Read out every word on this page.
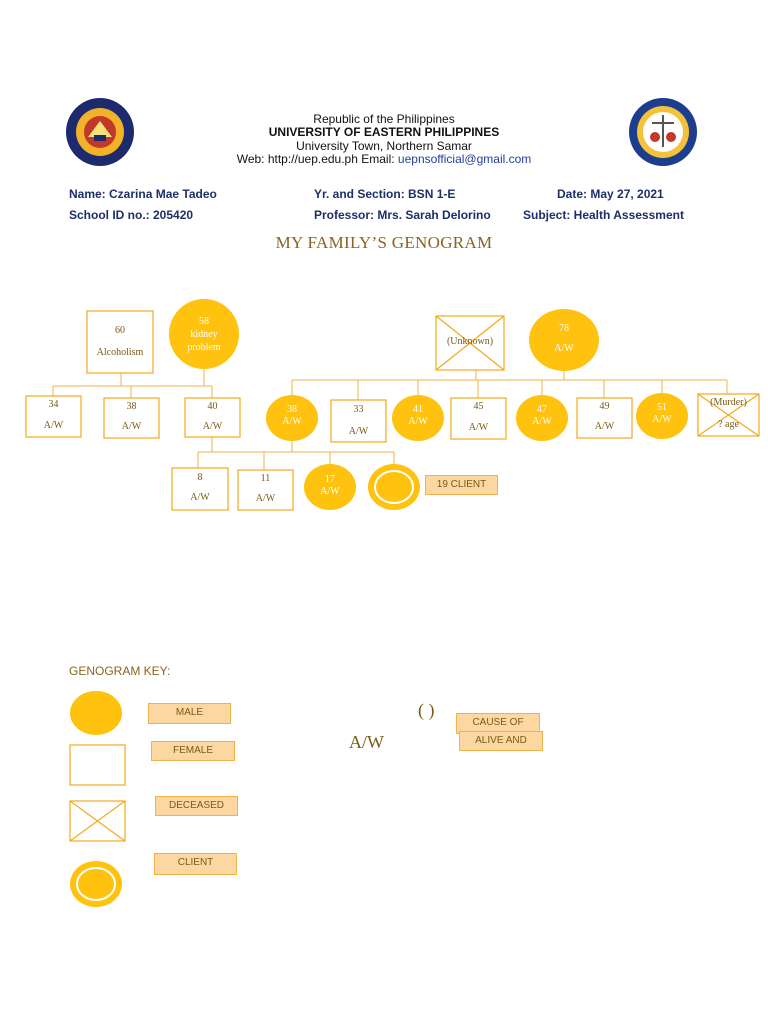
Republic of the Philippines
UNIVERSITY OF EASTERN PHILIPPINES
University Town, Northern Samar
Web: http://uep.edu.ph Email: uepnsofficial@gmail.com
Name: Czarina Mae Tadeo
School ID no.: 205420
Yr. and Section: BSN 1-E
Professor: Mrs. Sarah Delorino
Date: May 27, 2021
Subject: Health Assessment
MY FAMILY’S GENOGRAM
60
Alcoholism
58
kidney
problem
(Unknown)
78
A/W
34
A/W
38
A/W
40
A/W
38
A/W
33
A/W
41
A/W
45
A/W
47
A/W
49
A/W
51
A/W
(Murder)
? age
8
A/W
11
A/W
17
A/W
19 CLIENT
GENOGRAM KEY:
MALE
FEMALE
DECEASED
CLIENT
( )
A/W
CAUSE OF
ALIVE AND
